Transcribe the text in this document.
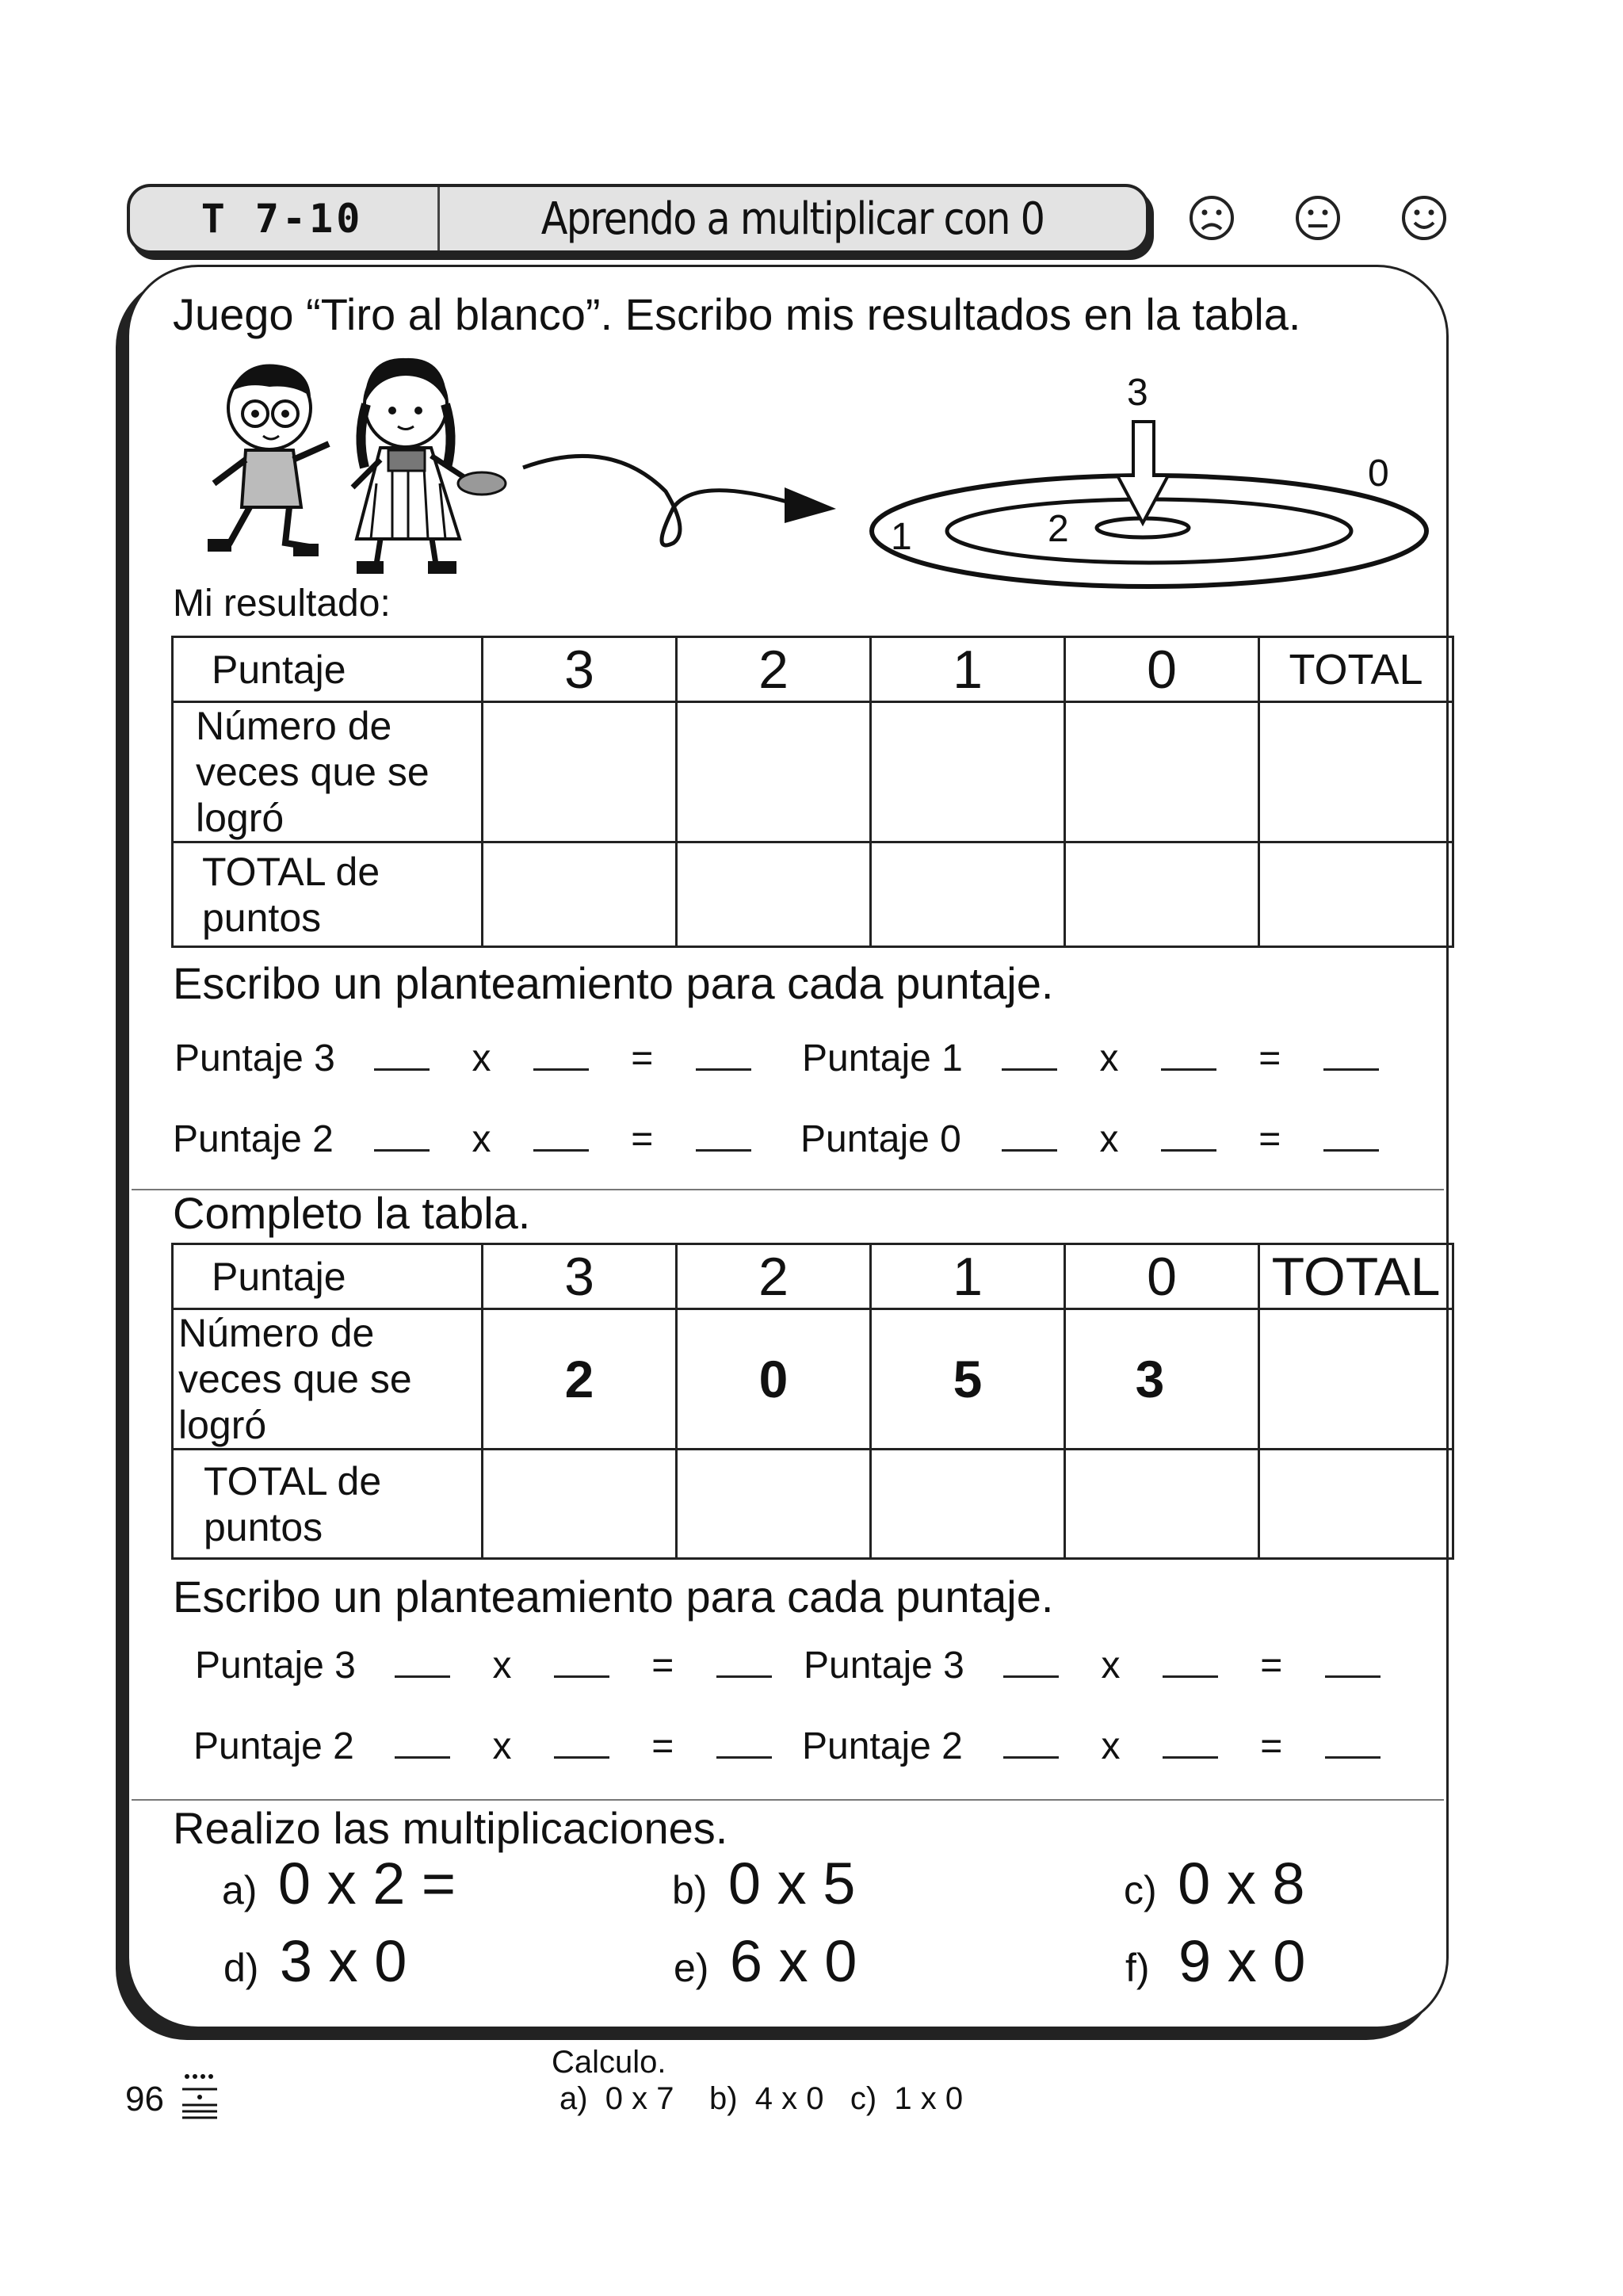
T 7-10	Aprendo a multiplicar con 0
Juego “Tiro al blanco”. Escribo mis resultados en la tabla.
3
2
1
0
Mi resultado:
Puntaje	3	2	1	0	TOTAL
Número de veces que se logró					
TOTAL de puntos					
Escribo un planteamiento para cada puntaje.
Puntaje 3	x	=	Puntaje 1	x	=
Puntaje 2	x	=	Puntaje 0	x	=
Completo la tabla.
Puntaje	3	2	1	0	TOTAL
Número de veces que se logró	2	0	5	3	
TOTAL de puntos					
Escribo un planteamiento para cada puntaje.
Puntaje 3	x	=	Puntaje 3	x	=
Puntaje 2	x	=	Puntaje 2	x	=
Realizo las multiplicaciones.
a) 0 x 2 =	b) 0 x 5	c) 0 x 8
d) 3 x 0	e) 6 x 0	f) 9 x 0
96
Calculo.
a)  0 x 7    b)  4 x 0   c)  1 x 0
